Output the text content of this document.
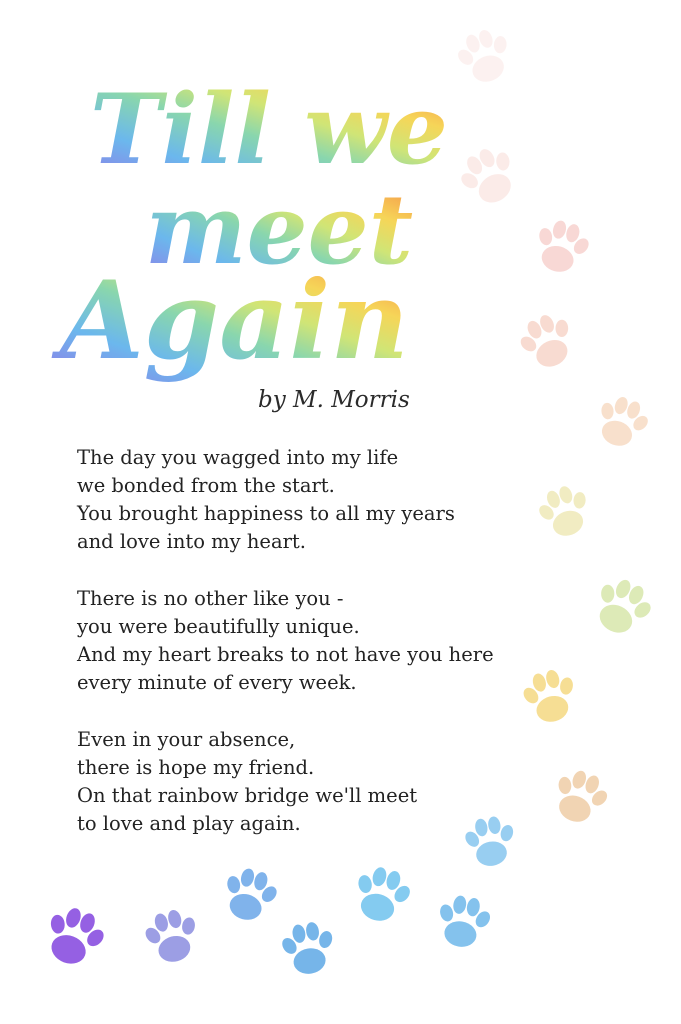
Till we
meet
Again
by M. Morris
The day you wagged into my life
we bonded from the start.
You brought happiness to all my years
and love into my heart.
There is no other like you -
you were beautifully unique.
And my heart breaks to not have you here
every minute of every week.
Even in your absence,
there is hope my friend.
On that rainbow bridge we'll meet
to love and play again.
